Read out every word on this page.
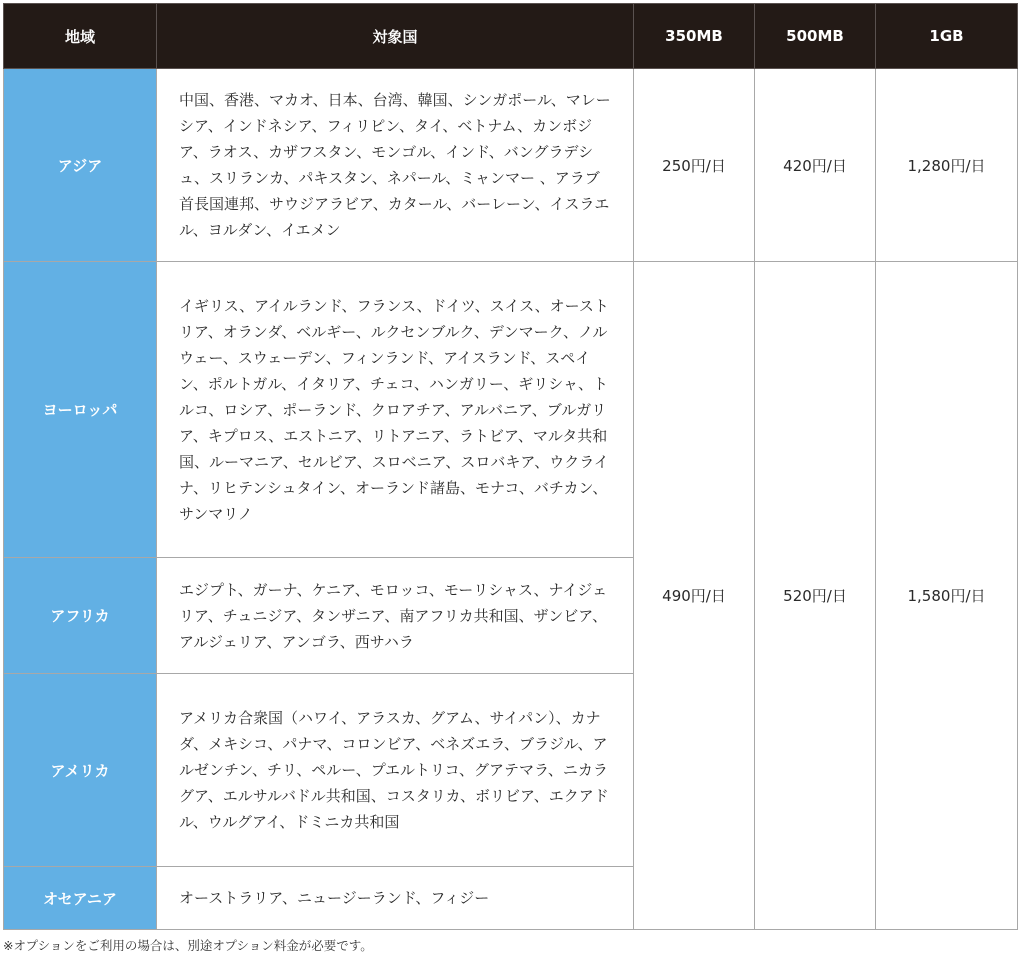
地域	対象国	350MB	500MB	1GB
アジア	中国、香港、マカオ、日本、台湾、韓国、シンガポール、マレーシア、インドネシア、フィリピン、タイ、ベトナム、カンボジア、ラオス、カザフスタン、モンゴル、インド、バングラデシュ、スリランカ、パキスタン、ネパール、ミャンマー 、アラブ首長国連邦、サウジアラビア、カタール、バーレーン、イスラエル、ヨルダン、イエメン	250円/日	420円/日	1,280円/日
ヨーロッパ	イギリス、アイルランド、フランス、ドイツ、スイス、オーストリア、オランダ、ベルギー、ルクセンブルク、デンマーク、ノルウェー、スウェーデン、フィンランド、アイスランド、スペイン、ポルトガル、イタリア、チェコ、ハンガリー、ギリシャ、トルコ、ロシア、ポーランド、クロアチア、アルバニア、ブルガリア、キプロス、エストニア、リトアニア、ラトビア、マルタ共和国、ルーマニア、セルビア、スロベニア、スロバキア、ウクライナ、リヒテンシュタイン、オーランド諸島、モナコ、バチカン、サンマリノ	490円/日	520円/日	1,580円/日
アフリカ	エジプト、ガーナ、ケニア、モロッコ、モーリシャス、ナイジェリア、チュニジア、タンザニア、南アフリカ共和国、ザンビア、アルジェリア、アンゴラ、西サハラ			
アメリカ	アメリカ合衆国（ハワイ、アラスカ、グアム、サイパン）、カナダ、メキシコ、パナマ、コロンビア、ベネズエラ、ブラジル、アルゼンチン、チリ、ペルー、プエルトリコ、グアテマラ、ニカラグア、エルサルバドル共和国、コスタリカ、ボリビア、エクアドル、ウルグアイ、ドミニカ共和国			
オセアニア	オーストラリア、ニュージーランド、フィジー			
※オプションをご利用の場合は、別途オプション料金が必要です。
